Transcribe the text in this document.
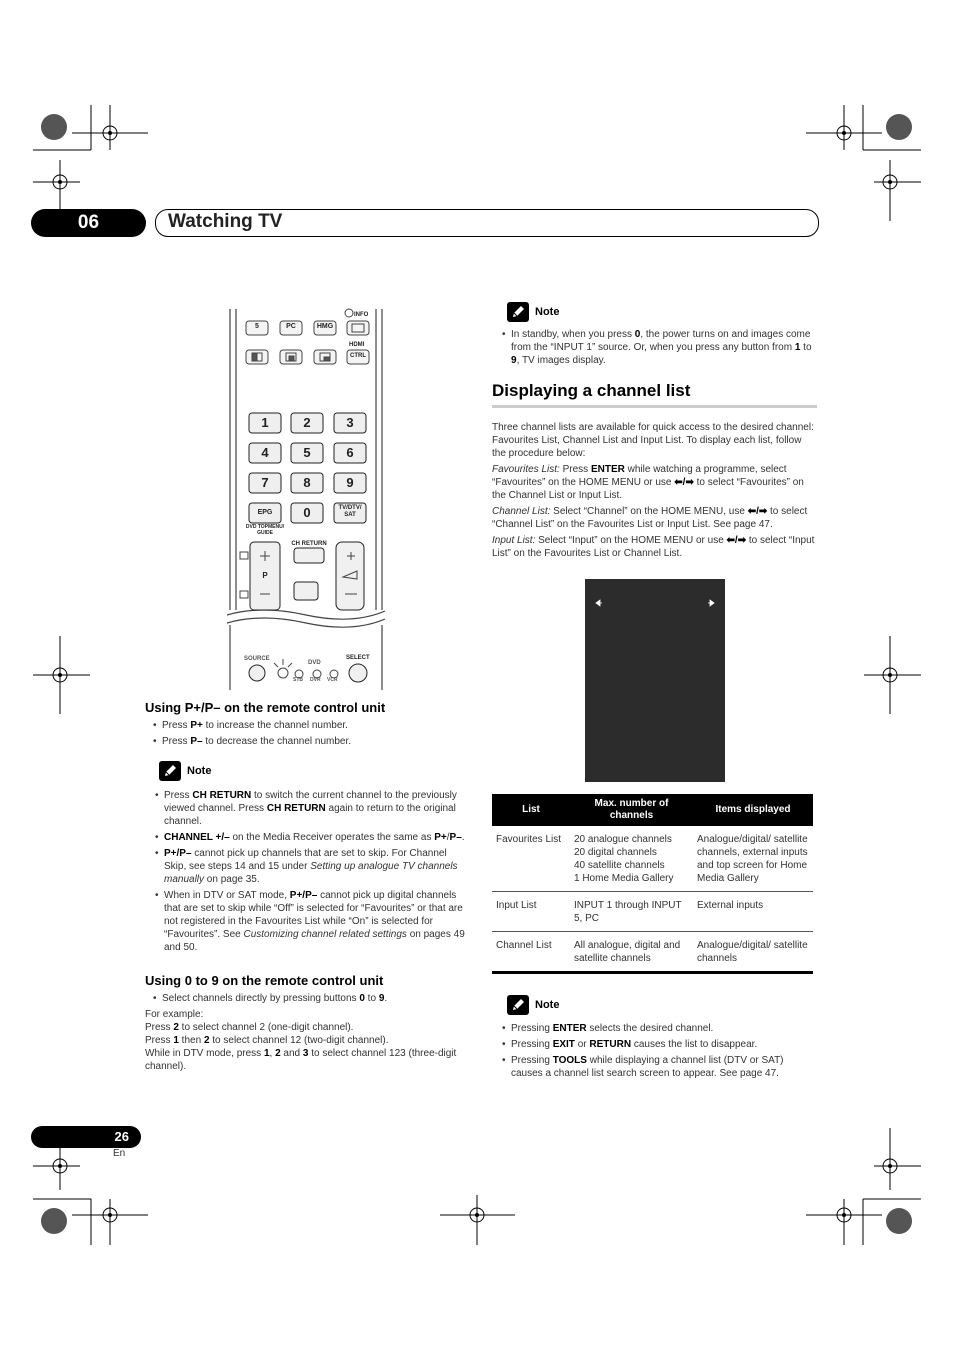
06	Watching TV
5	PC	HMG
INFO
HDMI
CTRL
1	2	3
4	5	6
7	8	9
0
EPG
TV/DTV/ SAT
DVD TOPMENU/ GUIDE
CH RETURN
P
SOURCE
DVD
SELECT
STB DVR VCR
Using P+/P– on the remote control unit
• Press P+ to increase the channel number.
• Press P– to decrease the channel number.
Note
• Press CH RETURN to switch the current channel to the previously viewed channel. Press CH RETURN again to return to the original channel.
• CHANNEL +/– on the Media Receiver operates the same as P+/P–.
• P+/P– cannot pick up channels that are set to skip. For Channel Skip, see steps 14 and 15 under Setting up analogue TV channels manually on page 35.
• When in DTV or SAT mode, P+/P– cannot pick up digital channels that are set to skip while “Off” is selected for “Favourites” or that are not registered in the Favourites List while “On” is selected for “Favourites”. See Customizing channel related settings on pages 49 and 50.
Using 0 to 9 on the remote control unit
• Select channels directly by pressing buttons 0 to 9.
For example:
Press 2 to select channel 2 (one-digit channel).
Press 1 then 2 to select channel 12 (two-digit channel).
While in DTV mode, press 1, 2 and 3 to select channel 123 (three-digit channel).
Note
• In standby, when you press 0, the power turns on and images come from the “INPUT 1” source. Or, when you press any button from 1 to 9, TV images display.
Displaying a channel list
Three channel lists are available for quick access to the desired channel: Favourites List, Channel List and Input List. To display each list, follow the procedure below:
Favourites List: Press ENTER while watching a programme, select “Favourites” on the HOME MENU or use ⬅/➡ to select “Favourites” on the Channel List or Input List.
Channel List: Select “Channel” on the HOME MENU, use ⬅/➡ to select “Channel List” on the Favourites List or Input List. See page 47.
Input List: Select “Input” on the HOME MENU or use ⬅/➡ to select “Input List” on the Favourites List or Channel List.
List	Max. number of channels	Items displayed
Favourites List	20 analogue channels
20 digital channels
40 satellite channels
1 Home Media Gallery	Analogue/digital/ satellite channels, external inputs and top screen for Home Media Gallery
Input List	INPUT 1 through INPUT 5, PC	External inputs
Channel List	All analogue, digital and satellite channels	Analogue/digital/ satellite channels
Note
• Pressing ENTER selects the desired channel.
• Pressing EXIT or RETURN causes the list to disappear.
• Pressing TOOLS while displaying a channel list (DTV or SAT) causes a channel list search screen to appear. See page 47.
26
En
